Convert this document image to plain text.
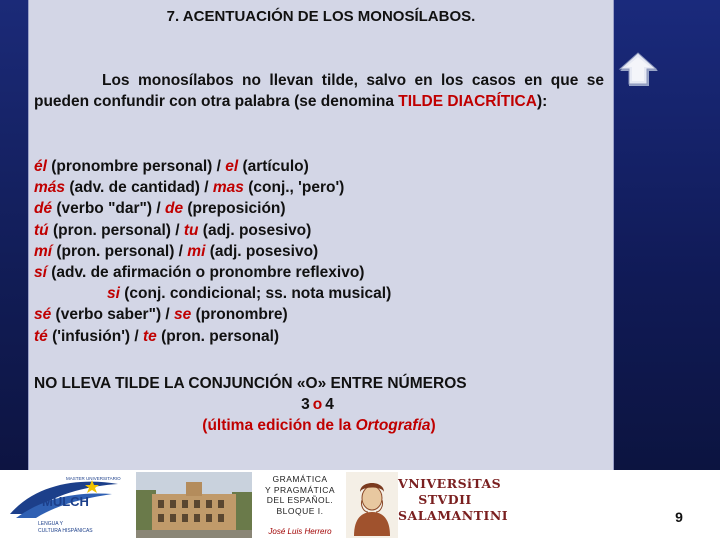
7. ACENTUACIÓN DE LOS MONOSÍLABOS.
Los monosílabos no llevan tilde, salvo en los casos en que se pueden confundir con otra palabra (se denomina TILDE DIACRÍTICA):
él (pronombre personal) / el (artículo)
más (adv. de cantidad) / mas (conj., 'pero')
dé (verbo "dar") / de (preposición)
tú (pron. personal) / tu (adj. posesivo)
mí (pron. personal) / mi (adj. posesivo)
sí (adv. de afirmación o pronombre reflexivo)
si (conj. condicional; ss. nota musical)
sé (verbo saber") / se (pronombre)
té ('infusión') / te (pron. personal)
NO LLEVA TILDE LA CONJUNCIÓN «O» ENTRE NÚMEROS
3o4
(última edición de la Ortografía)
MASTER UNIVERSITARIO
MULCH
LENGUA Y
CULTURA HISPÁNICAS
GRAMÁTICA
Y PRAGMÁTICA
DEL ESPAÑOL.
BLOQUE I.
José Luis Herrero
VNIVERSiTAS
STVDII
SALAMANTINI	9
